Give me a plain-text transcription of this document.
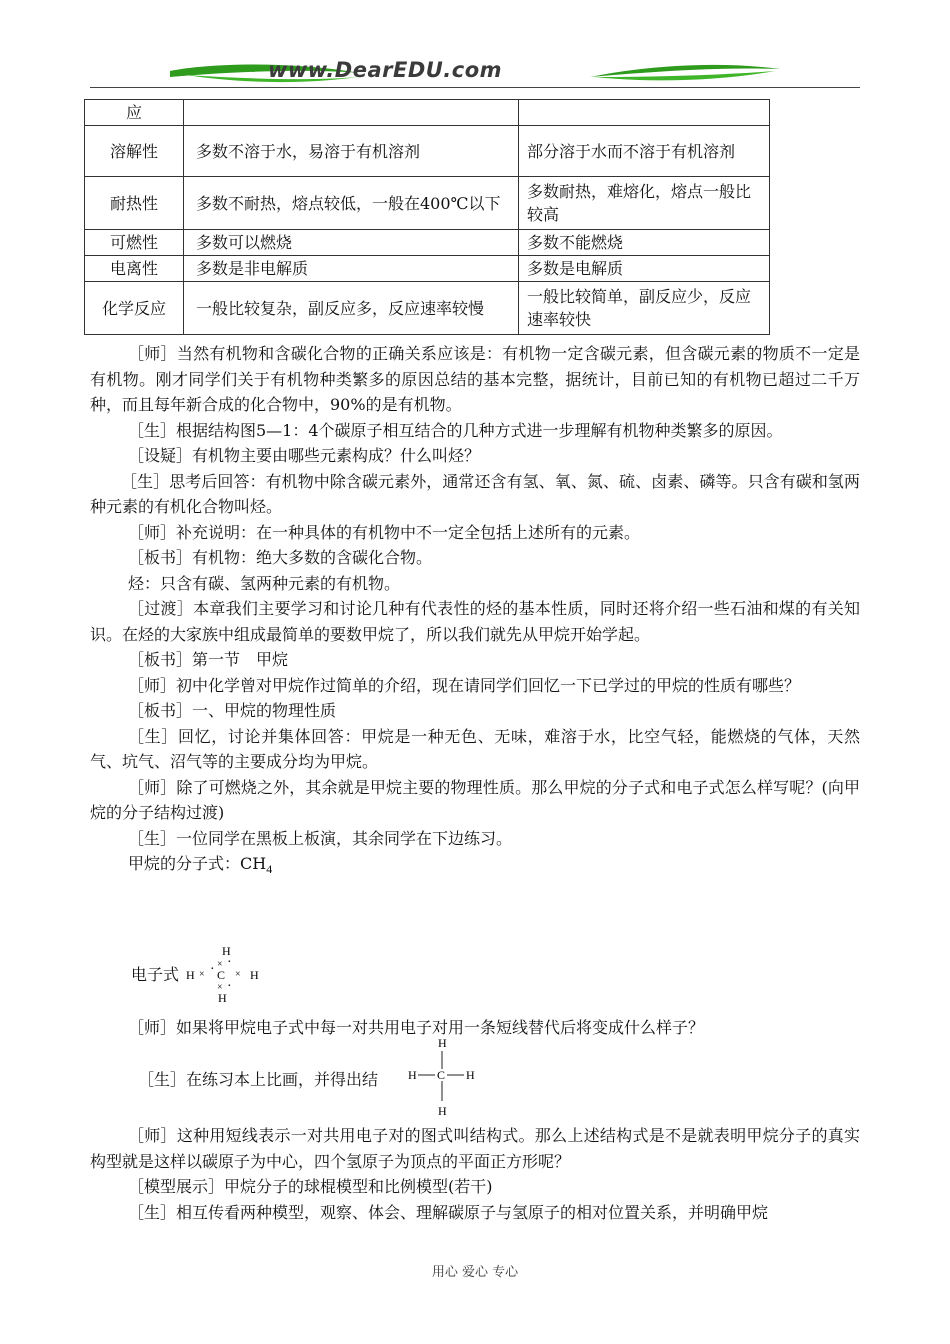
www.DearEDU.com
应		
溶解性	多数不溶于水，易溶于有机溶剂	部分溶于水而不溶于有机溶剂
耐热性	多数不耐热，熔点较低，一般在400℃以下	多数耐热，难熔化，熔点一般比较高
可燃性	多数可以燃烧	多数不能燃烧
电离性	多数是非电解质	多数是电解质
化学反应	一般比较复杂，副反应多，反应速率较慢	一般比较简单，副反应少，反应速率较快

［师］当然有机物和含碳化合物的正确关系应该是：有机物一定含碳元素，但含碳元素的物质不一定是有机物。刚才同学们关于有机物种类繁多的原因总结的基本完整，据统计，目前已知的有机物已超过二千万种，而且每年新合成的化合物中，90%的是有机物。

［生］根据结构图5—1：4个碳原子相互结合的几种方式进一步理解有机物种类繁多的原因。

［设疑］有机物主要由哪些元素构成？什么叫烃？

［生］思考后回答：有机物中除含碳元素外，通常还含有氢、氧、氮、硫、卤素、磷等。只含有碳和氢两种元素的有机化合物叫烃。

［师］补充说明：在一种具体的有机物中不一定全包括上述所有的元素。

［板书］有机物：绝大多数的含碳化合物。

烃：只含有碳、氢两种元素的有机物。

［过渡］本章我们主要学习和讨论几种有代表性的烃的基本性质，同时还将介绍一些石油和煤的有关知识。在烃的大家族中组成最简单的要数甲烷了，所以我们就先从甲烷开始学起。

［板书］第一节　甲烷

［师］初中化学曾对甲烷作过简单的介绍，现在请同学们回忆一下已学过的甲烷的性质有哪些？

［板书］一、甲烷的物理性质

［生］回忆，讨论并集体回答：甲烷是一种无色、无味，难溶于水，比空气轻，能燃烧的气体，天然气、坑气、沼气等的主要成分均为甲烷。

［师］除了可燃烧之外，其余就是甲烷主要的物理性质。那么甲烷的分子式和电子式怎么样写呢？(向甲烷的分子结构过渡)

［生］一位同学在黑板上板演，其余同学在下边练习。

甲烷的分子式：$CH_4$

电子式
H
× ·
H × C
· × H
× ·
H

［师］如果将甲烷电子式中每一对共用电子对用一条短线替代后将变成什么样子？

［生］在练习本上比画，并得出结
H
H C H
H

［师］这种用短线表示一对共用电子对的图式叫结构式。那么上述结构式是不是就表明甲烷分子的真实构型就是这样以碳原子为中心，四个氢原子为顶点的平面正方形呢？

［模型展示］甲烷分子的球棍模型和比例模型(若干)

［生］相互传看两种模型，观察、体会、理解碳原子与氢原子的相对位置关系，并明确甲烷

用心 爱心 专心
